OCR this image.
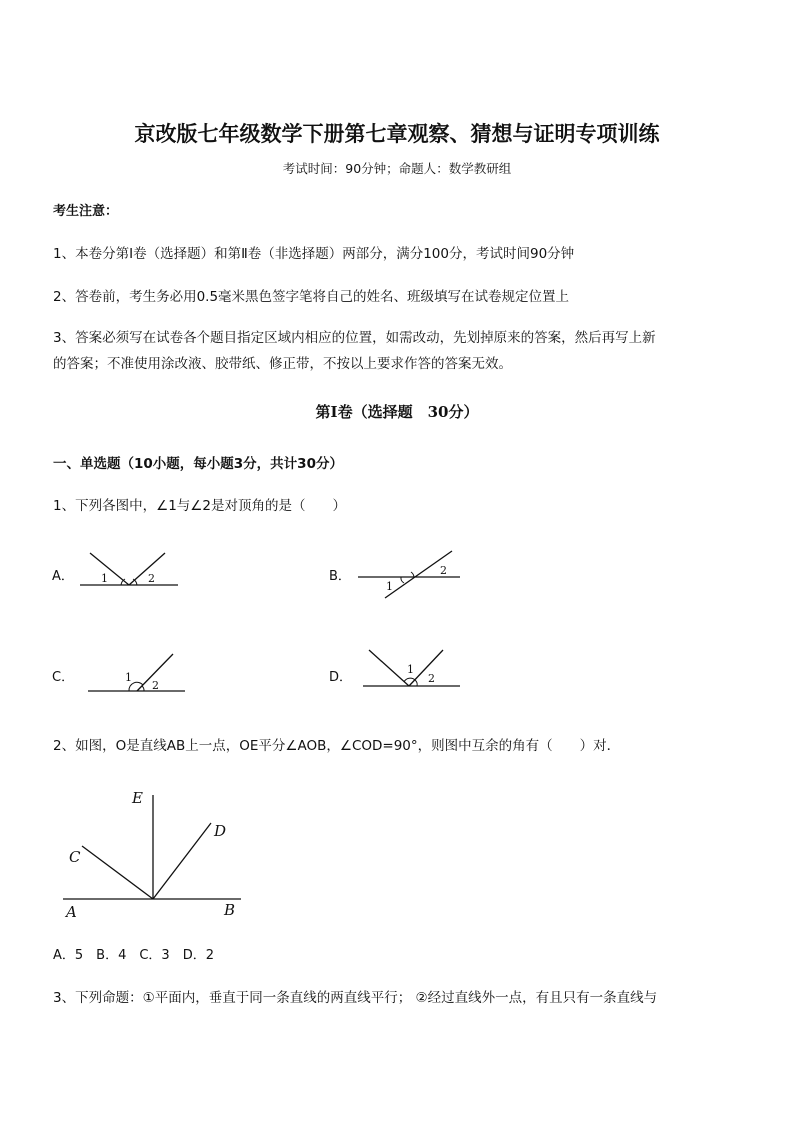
京改版七年级数学下册第七章观察、猜想与证明专项训练
考试时间：90分钟；命题人：数学教研组
考生注意：
1、本卷分第Ⅰ卷（选择题）和第Ⅱ卷（非选择题）两部分，满分100分，考试时间90分钟
2、答卷前，考生务必用0.5毫米黑色签字笔将自己的姓名、班级填写在试卷规定位置上
3、答案必须写在试卷各个题目指定区域内相应的位置，如需改动，先划掉原来的答案，然后再写上新
的答案；不准使用涂改液、胶带纸、修正带，不按以上要求作答的答案无效。
第Ⅰ卷（选择题　30分）
一、单选题（10小题，每小题3分，共计30分）
1、下列各图中，∠1与∠2是对顶角的是（　　）
A． 1	2	B．	2
1
C．	1
2
D．
1
2
2、如图，O是直线AB上一点，OE平分∠AOB，∠COD=90°，则图中互余的角有（　　）对．
E
D
C
A	B
A．5　B．4　C．3　D．2
3、下列命题：①平面内，垂直于同一条直线的两直线平行； ②经过直线外一点，有且只有一条直线与
